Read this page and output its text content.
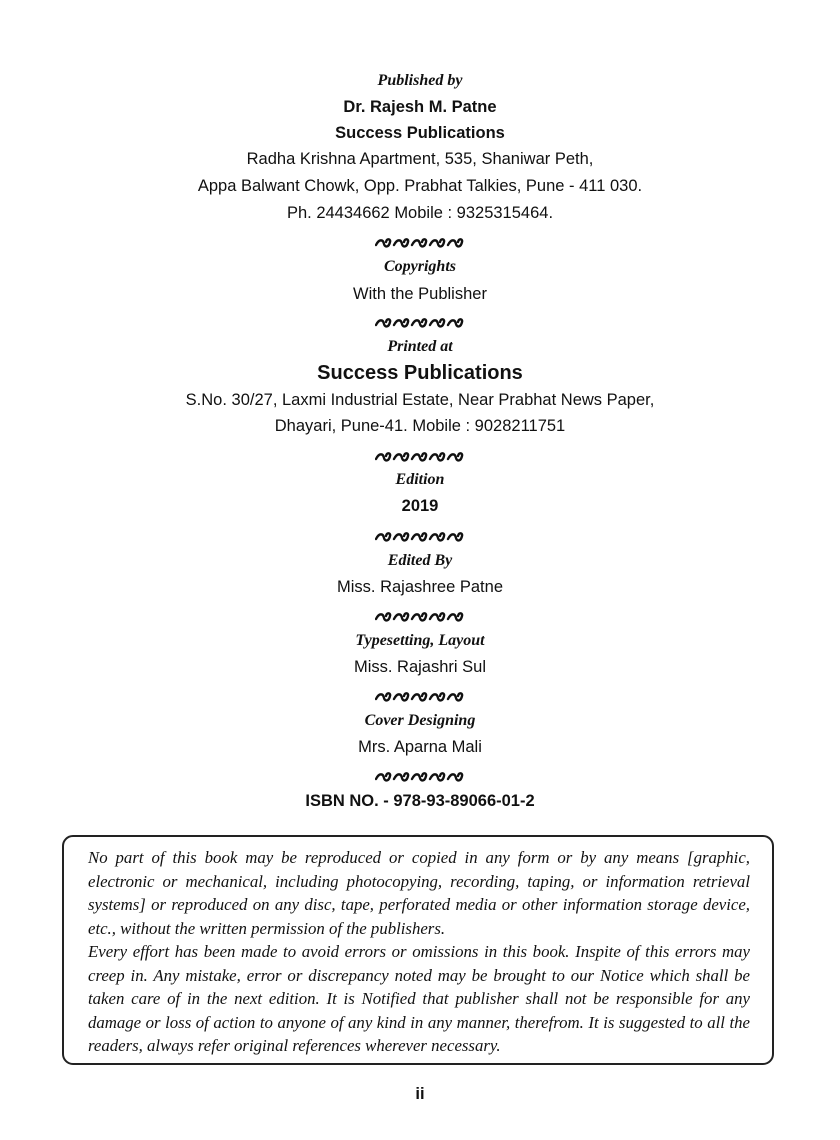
Published by
Dr. Rajesh M. Patne
Success Publications
Radha Krishna Apartment, 535, Shaniwar Peth,
Appa Balwant Chowk, Opp. Prabhat Talkies, Pune - 411 030.
Ph. 24434662 Mobile : 9325315464.
Copyrights
With the Publisher
Printed at
Success Publications
S.No. 30/27, Laxmi Industrial Estate, Near Prabhat News Paper,
Dhayari, Pune-41. Mobile : 9028211751
Edition
2019
Edited By
Miss. Rajashree Patne
Typesetting, Layout
Miss. Rajashri Sul
Cover Designing
Mrs. Aparna Mali
ISBN NO. - 978-93-89066-01-2

No part of this book may be reproduced or copied in any form or by any means [graphic, electronic or mechanical, including photocopying, recording, taping, or information retrieval systems] or reproduced on any disc, tape, perforated media or other information storage device, etc., without the written permission of the publishers.

Every effort has been made to avoid errors or omissions in this book. Inspite of this errors may creep in. Any mistake, error or discrepancy noted may be brought to our Notice which shall be taken care of in the next edition. It is Notified that publisher shall not be responsible for any damage or loss of action to anyone of any kind in any manner, therefrom. It is suggested to all the readers, always refer original references wherever necessary.

ii
